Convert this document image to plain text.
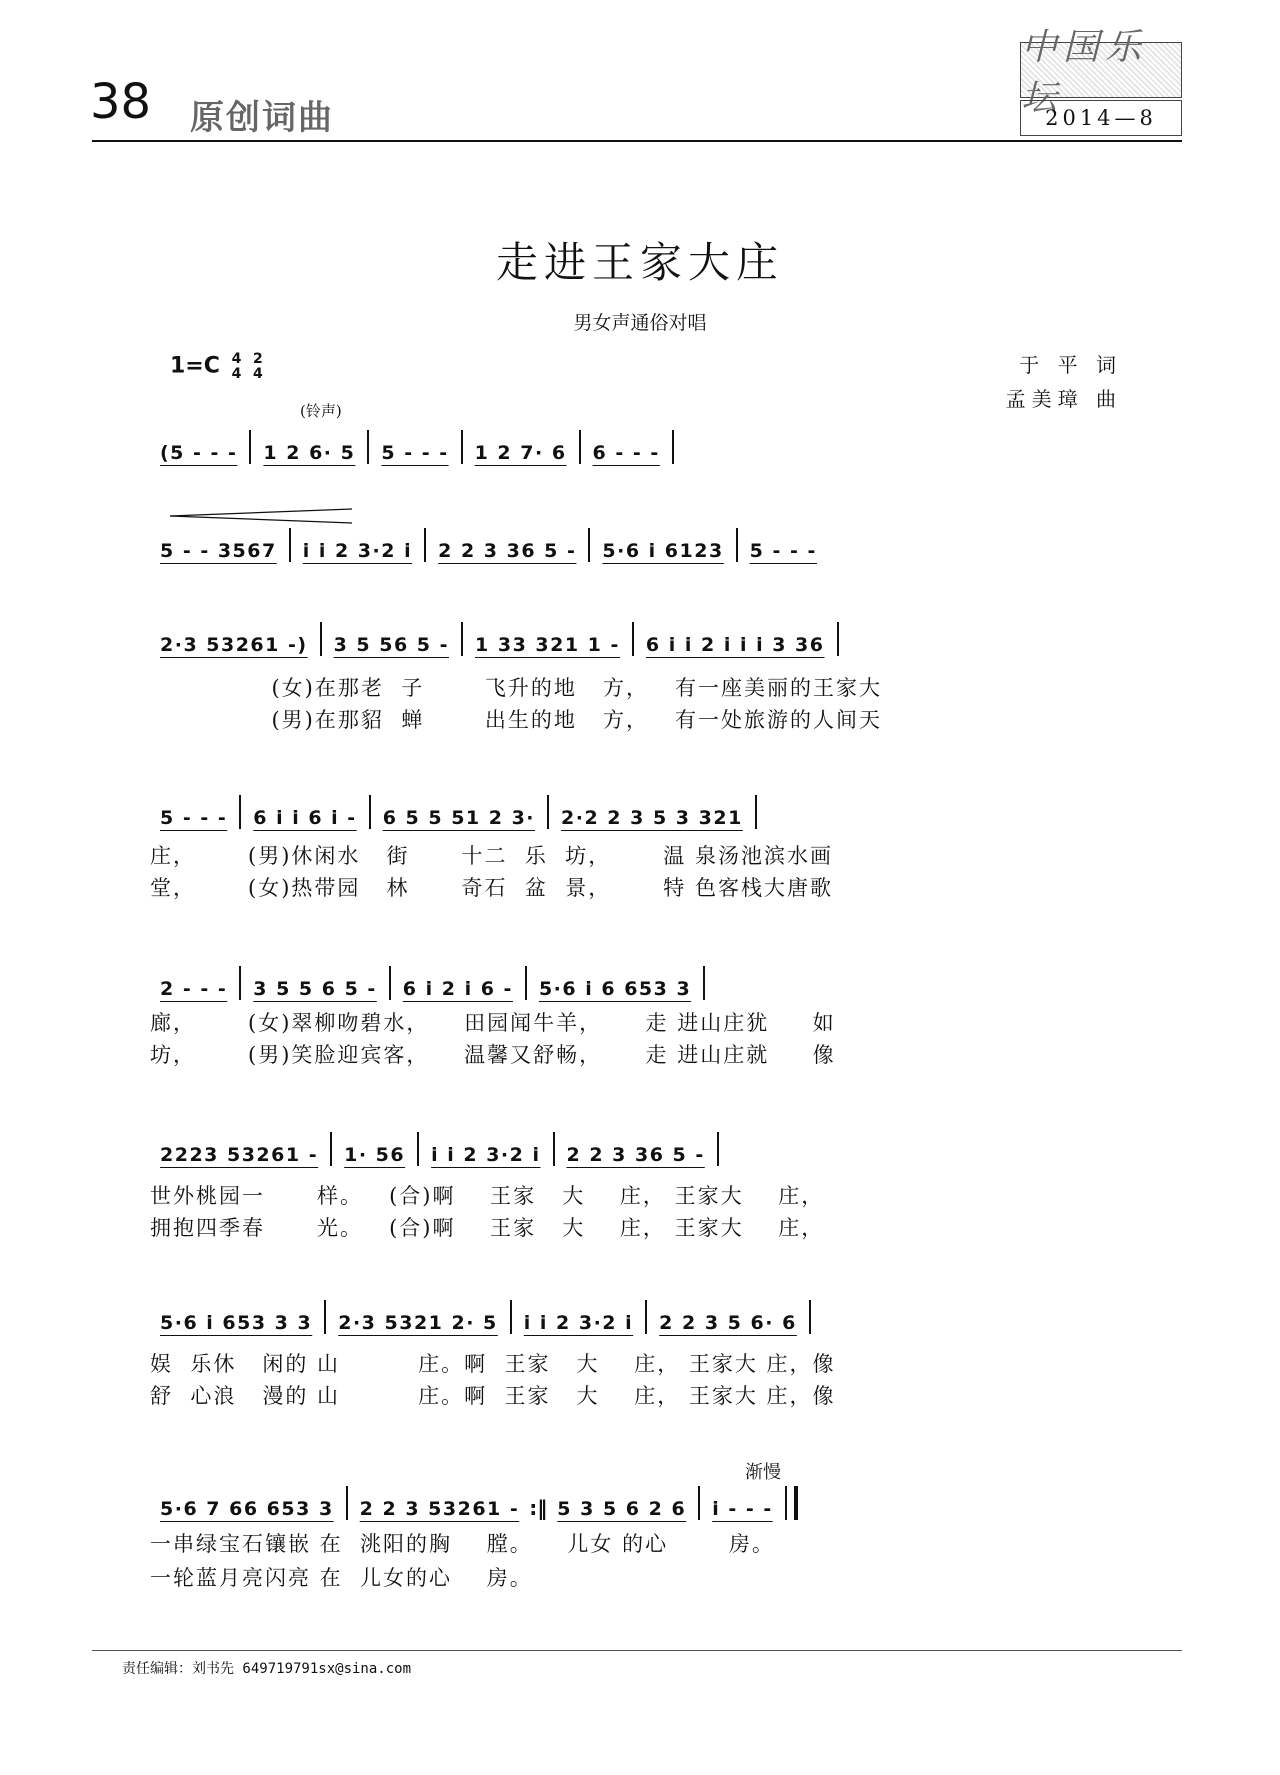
38 原创词曲
中国乐坛
2014—8
走进王家大庄
男女声通俗对唱
1=C 4
4 2
4	于 平 词
孟美璋 曲
(铃声)
(5 - - - 1 2 6· 5 5 - - - 1 2 7· 6 6 - - -
5 - - 3567 i i 2 3·2 i 2 2 3 36 5 - 5·6 i 6123 5 - - -
2·3 53261 -) 3 5 56 5 - 1 33 321 1 - 6 i i 2 i i i 3 36
(女)在那老  子       飞升的地   方，   有一座美丽的王家大
(男)在那貂  蝉       出生的地   方，   有一处旅游的人间天
5 - - - 6 i i 6 i - 6 5 5 51 2 3· 2·2 2 3 5 3 321
庄，      (男)休闲水   街      十二  乐  坊，      温 泉汤池滨水画
堂，      (女)热带园   林      奇石  盆  景，      特 色客栈大唐歌
2 - - - 3 5 5 6 5 - 6 i 2 i 6 - 5·6 i 6 653 3
廊，      (女)翠柳吻碧水，    田园闻牛羊，     走 进山庄犹     如
坊，      (男)笑脸迎宾客，    温馨又舒畅，     走 进山庄就     像
2223 53261 - 1· 56 i i 2 3·2 i 2 2 3 36 5 -
世外桃园一      样。   (合)啊    王家   大    庄， 王家大    庄，
拥抱四季春      光。   (合)啊    王家   大    庄， 王家大    庄，
5·6 i 653 3 3 2·3 5321 2· 5 i i 2 3·2 i 2 2 3 5 6· 6
娱  乐休   闲的 山         庄。啊  王家   大    庄， 王家大 庄，像
舒  心浪   漫的 山         庄。啊  王家   大    庄， 王家大 庄，像
渐慢
5·6 7 66 653 3 2 2 3 53261 - :‖ 5 3 5 6 2 6 i - - -
一串绿宝石镶嵌 在  洮阳的胸    膛。    儿女 的心       房。
一轮蓝月亮闪亮 在  儿女的心    房。
责任编辑：刘书先 649719791sx@sina.com
